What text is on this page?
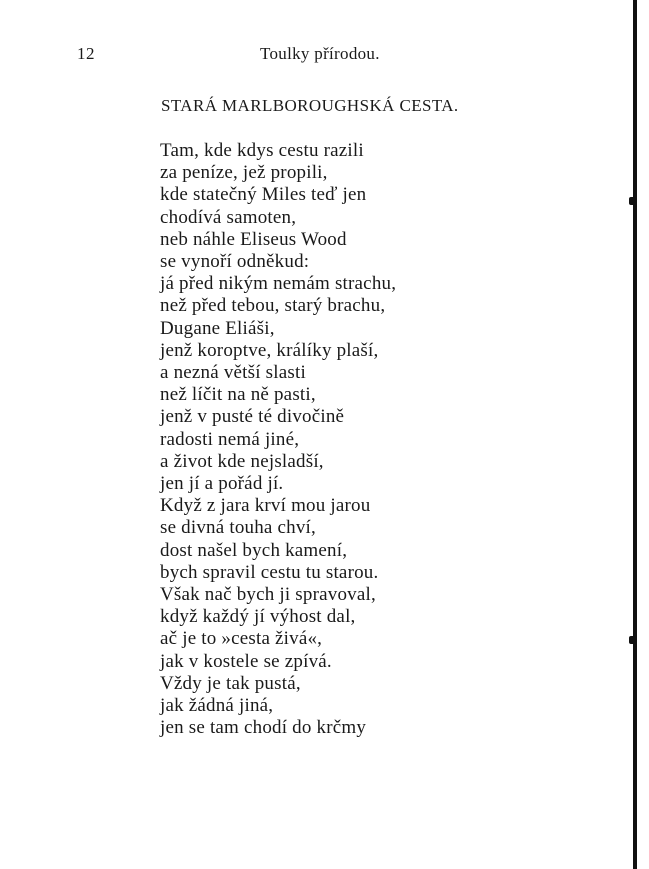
12	Toulky přírodou.
STARÁ MARLBOROUGHSKÁ CESTA.
Tam, kde kdys cestu razili
za peníze, jež propili,
kde statečný Miles teď jen
chodívá samoten,
neb náhle Eliseus Wood
se vynoří odněkud:
já před nikým nemám strachu,
než před tebou, starý brachu,
Dugane Eliáši,
jenž koroptve, králíky plaší,
a nezná větší slasti
než líčit na ně pasti,
jenž v pusté té divočině
radosti nemá jiné,
a život kde nejsladší,
jen jí a pořád jí.
Když z jara krví mou jarou
se divná touha chví,
dost našel bych kamení,
bych spravil cestu tu starou.
Však nač bych ji spravoval,
když každý jí výhost dal,
ač je to »cesta živá«,
jak v kostele se zpívá.
Vždy je tak pustá,
jak žádná jiná,
jen se tam chodí do krčmy
